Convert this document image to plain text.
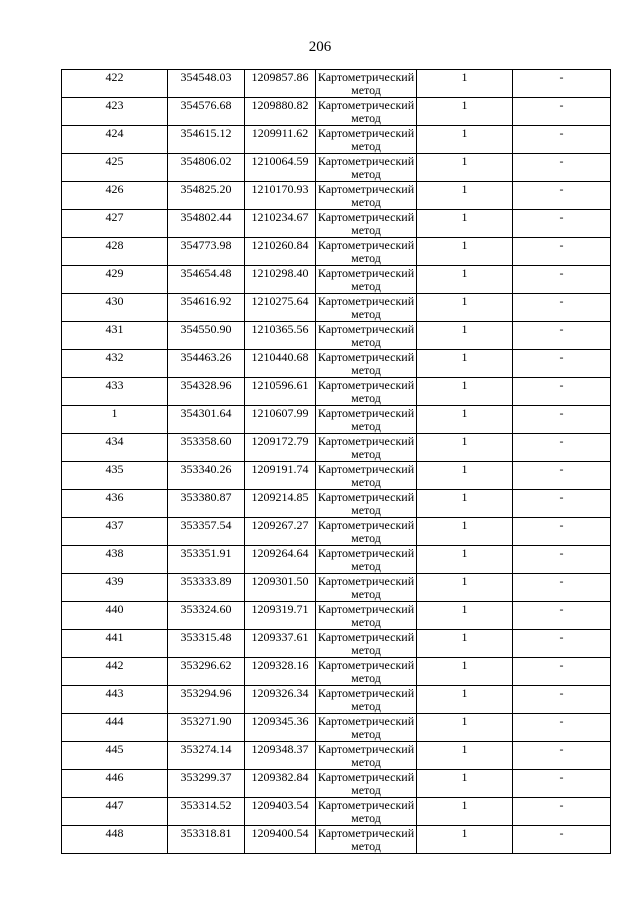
206
422	354548.03	1209857.86	Картометрический метод	1	-

423	354576.68	1209880.82	Картометрический метод	1	-

424	354615.12	1209911.62	Картометрический метод	1	-

425	354806.02	1210064.59	Картометрический метод	1	-

426	354825.20	1210170.93	Картометрический метод	1	-

427	354802.44	1210234.67	Картометрический метод	1	-

428	354773.98	1210260.84	Картометрический метод	1	-

429	354654.48	1210298.40	Картометрический метод	1	-

430	354616.92	1210275.64	Картометрический метод	1	-

431	354550.90	1210365.56	Картометрический метод	1	-

432	354463.26	1210440.68	Картометрический метод	1	-

433	354328.96	1210596.61	Картометрический метод	1	-

1	354301.64	1210607.99	Картометрический метод	1	-

434	353358.60	1209172.79	Картометрический метод	1	-

435	353340.26	1209191.74	Картометрический метод	1	-

436	353380.87	1209214.85	Картометрический метод	1	-

437	353357.54	1209267.27	Картометрический метод	1	-

438	353351.91	1209264.64	Картометрический метод	1	-

439	353333.89	1209301.50	Картометрический метод	1	-

440	353324.60	1209319.71	Картометрический метод	1	-

441	353315.48	1209337.61	Картометрический метод	1	-

442	353296.62	1209328.16	Картометрический метод	1	-

443	353294.96	1209326.34	Картометрический метод	1	-

444	353271.90	1209345.36	Картометрический метод	1	-

445	353274.14	1209348.37	Картометрический метод	1	-

446	353299.37	1209382.84	Картометрический метод	1	-

447	353314.52	1209403.54	Картометрический метод	1	-

448	353318.81	1209400.54	Картометрический метод	1	-
